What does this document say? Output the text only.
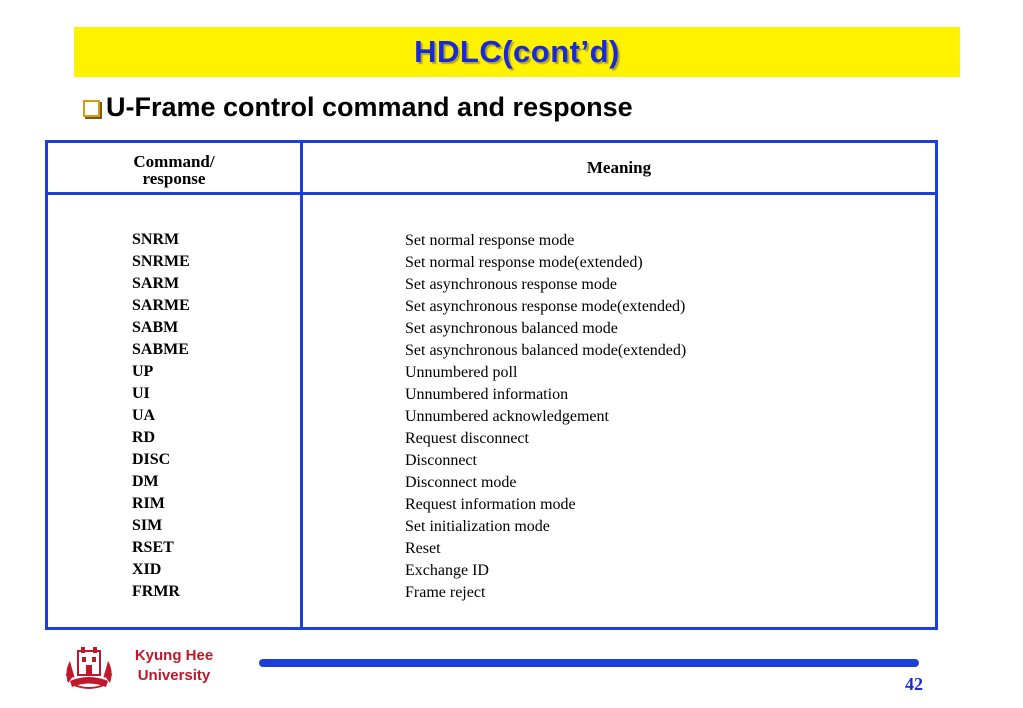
HDLC(cont’d)
U-Frame control command and response
Command/
response
Meaning
SNRM
SNRME
SARM
SARME
SABM
SABME
UP
UI
UA
RD
DISC
DM
RIM
SIM
RSET
XID
FRMR
Set normal response mode
Set normal response mode(extended)
Set asynchronous response mode
Set asynchronous response mode(extended)
Set asynchronous balanced mode
Set asynchronous balanced mode(extended)
Unnumbered poll
Unnumbered information
Unnumbered acknowledgement
Request disconnect
Disconnect
Disconnect mode
Request information mode
Set initialization mode
Reset
Exchange ID
Frame reject
Kyung Hee
University	42
